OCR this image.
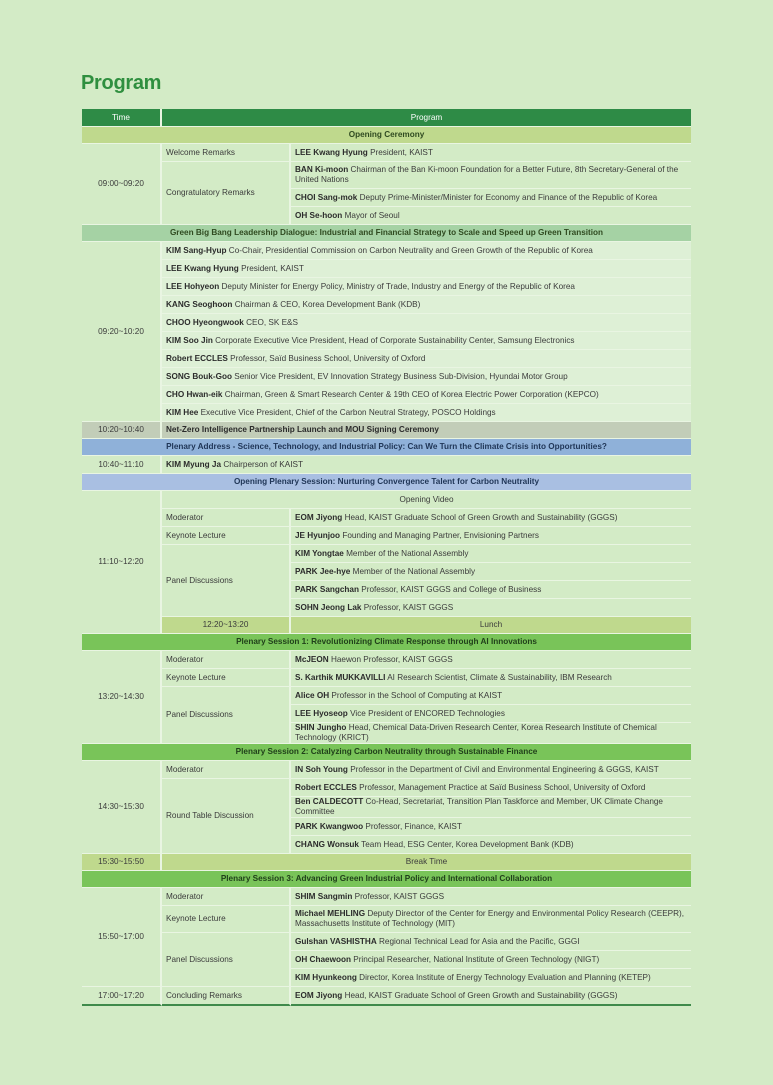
Program
Time	Program	
Opening Ceremony		
09:00~09:20	Welcome Remarks	LEE Kwang Hyung President, KAIST
	Congratulatory Remarks	BAN Ki-moon Chairman of the Ban Ki-moon Foundation for a Better Future, 8th Secretary-General of the United Nations
		CHOI Sang-mok Deputy Prime-Minister/Minister for Economy and Finance of the Republic of Korea
		OH Se-hoon Mayor of Seoul
Green Big Bang Leadership Dialogue: Industrial and Financial Strategy to Scale and Speed up Green Transition		
09:20~10:20	KIM Sang-Hyup Co-Chair, Presidential Commission on Carbon Neutrality and Green Growth of the Republic of Korea	
	LEE Kwang Hyung President, KAIST	
	LEE Hohyeon Deputy Minister for Energy Policy, Ministry of Trade, Industry and Energy of the Republic of Korea	
	KANG Seoghoon Chairman & CEO, Korea Development Bank (KDB)	
	CHOO Hyeongwook CEO, SK E&S	
	KIM Soo Jin Corporate Executive Vice President, Head of Corporate Sustainability Center, Samsung Electronics	
	Robert ECCLES Professor, Saïd Business School, University of Oxford	
	SONG Bouk-Goo Senior Vice President, EV Innovation Strategy Business Sub-Division, Hyundai Motor Group	
	CHO Hwan-eik Chairman, Green & Smart Research Center & 19th CEO of Korea Electric Power Corporation (KEPCO)	
	KIM Hee Executive Vice President, Chief of the Carbon Neutral Strategy, POSCO Holdings	
10:20~10:40	Net-Zero Intelligence Partnership Launch and MOU Signing Ceremony	
Plenary Address - Science, Technology, and Industrial Policy: Can We Turn the Climate Crisis into Opportunities?		
10:40~11:10	KIM Myung Ja Chairperson of KAIST	
Opening Plenary Session: Nurturing Convergence Talent for Carbon Neutrality		
11:10~12:20	Opening Video	
	Moderator	EOM Jiyong Head, KAIST Graduate School of Green Growth and Sustainability (GGGS)
	Keynote Lecture	JE Hyunjoo Founding and Managing Partner, Envisioning Partners
	Panel Discussions	KIM Yongtae Member of the National Assembly
		PARK Jee-hye Member of the National Assembly
		PARK Sangchan Professor, KAIST GGGS and College of Business
		SOHN Jeong Lak Professor, KAIST GGGS
	12:20~13:20	Lunch
Plenary Session 1: Revolutionizing Climate Response through AI Innovations		
13:20~14:30	Moderator	McJEON Haewon Professor, KAIST GGGS
	Keynote Lecture	S. Karthik MUKKAVILLI AI Research Scientist, Climate & Sustainability, IBM Research
	Panel Discussions	Alice OH Professor in the School of Computing at KAIST
		LEE Hyoseop Vice President of ENCORED Technologies
		SHIN Jungho Head, Chemical Data-Driven Research Center, Korea Research Institute of Chemical Technology (KRICT)
Plenary Session 2: Catalyzing Carbon Neutrality through Sustainable Finance		
14:30~15:30	Moderator	IN Soh Young Professor in the Department of Civil and Environmental Engineering & GGGS, KAIST
	Round Table Discussion	Robert ECCLES Professor, Management Practice at Saïd Business School, University of Oxford
		Ben CALDECOTT Co-Head, Secretariat, Transition Plan Taskforce and Member, UK Climate Change Committee
		PARK Kwangwoo Professor, Finance, KAIST
		CHANG Wonsuk Team Head, ESG Center, Korea Development Bank (KDB)
15:30~15:50	Break Time	
Plenary Session 3: Advancing Green Industrial Policy and International Collaboration		
15:50~17:00	Moderator	SHIM Sangmin Professor, KAIST GGGS
	Keynote Lecture	Michael MEHLING Deputy Director of the Center for Energy and Environmental Policy Research (CEEPR), Massachusetts Institute of Technology (MIT)
	Panel Discussions	Gulshan VASHISTHA Regional Technical Lead for Asia and the Pacific, GGGI
		OH Chaewoon Principal Researcher, National Institute of Green Technology (NIGT)
		KIM Hyunkeong Director, Korea Institute of Energy Technology Evaluation and Planning (KETEP)
17:00~17:20	Concluding Remarks	EOM Jiyong Head, KAIST Graduate School of Green Growth and Sustainability (GGGS)
